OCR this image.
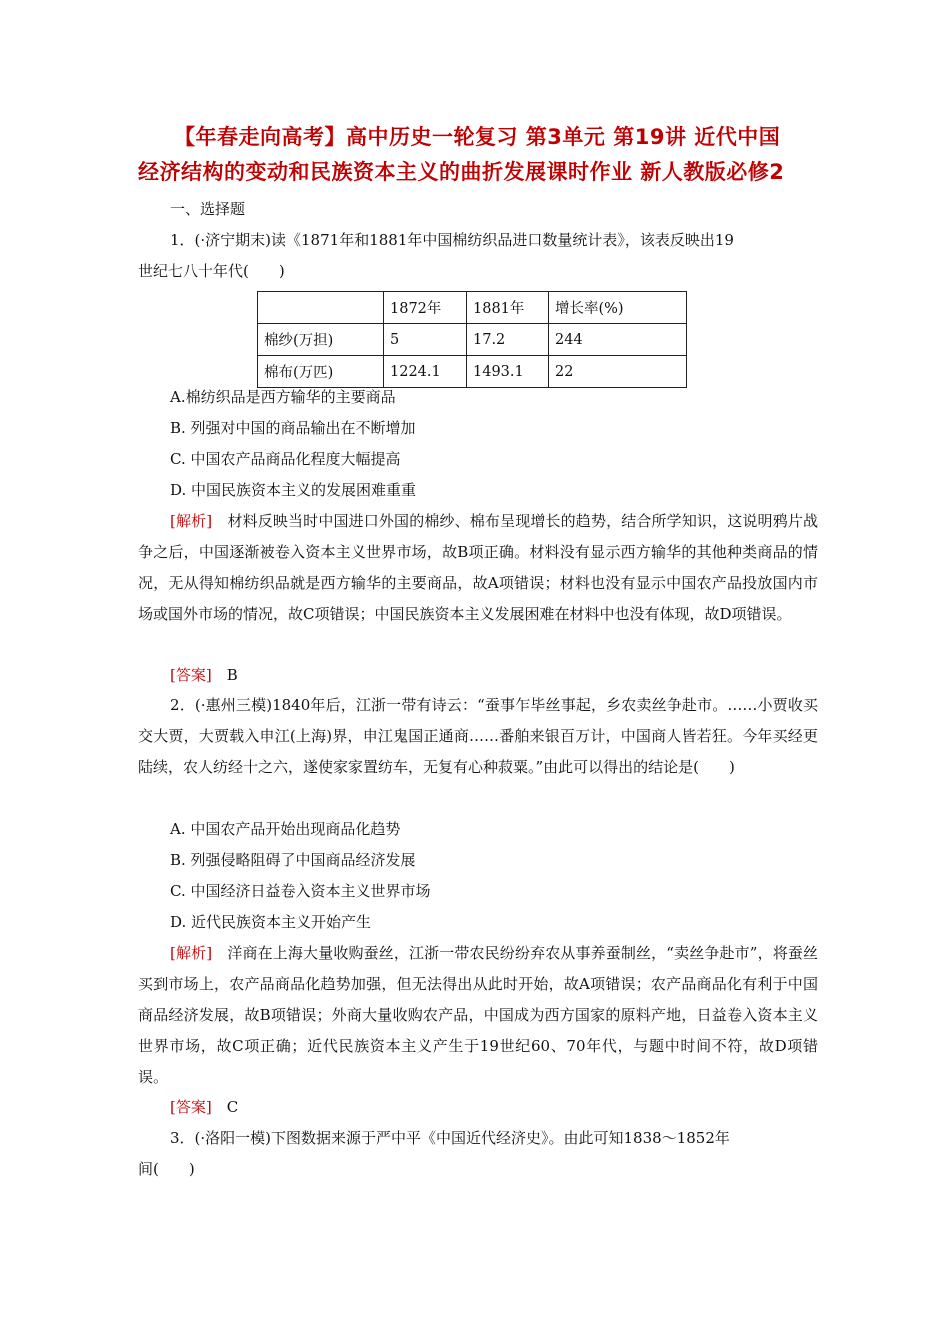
【年春走向高考】高中历史一轮复习 第3单元 第19讲 近代中国
经济结构的变动和民族资本主义的曲折发展课时作业 新人教版必修2
一、选择题
1．(·济宁期末)读《1871年和1881年中国棉纺织品进口数量统计表》，该表反映出19
世纪七八十年代(　　)
	1872年	1881年	增长率(%)
棉纱(万担)	5	17.2	244
棉布(万匹)	1224.1	1493.1	22
A.棉纺织品是西方输华的主要商品
B. 列强对中国的商品输出在不断增加
C. 中国农产品商品化程度大幅提高
D. 中国民族资本主义的发展困难重重
[解析]　材料反映当时中国进口外国的棉纱、棉布呈现增长的趋势，结合所学知识，这说明鸦片战争之后，中国逐渐被卷入资本主义世界市场，故B项正确。材料没有显示西方输华的其他种类商品的情况，无从得知棉纺织品就是西方输华的主要商品，故A项错误；材料也没有显示中国农产品投放国内市场或国外市场的情况，故C项错误；中国民族资本主义发展困难在材料中也没有体现，故D项错误。
[答案]　B
2．(·惠州三模)1840年后，江浙一带有诗云：“蚕事乍毕丝事起，乡农卖丝争赴市。……小贾收买交大贾，大贾载入申江(上海)界，申江鬼国正通商……番舶来银百万计，中国商人皆若狂。今年买经更陆续，农人纺经十之六，遂使家家置纺车，无复有心种菽粟。”由此可以得出的结论是(　　)
A. 中国农产品开始出现商品化趋势
B. 列强侵略阻碍了中国商品经济发展
C. 中国经济日益卷入资本主义世界市场
D. 近代民族资本主义开始产生
[解析]　洋商在上海大量收购蚕丝，江浙一带农民纷纷弃农从事养蚕制丝，“卖丝争赴市”，将蚕丝买到市场上，农产品商品化趋势加强，但无法得出从此时开始，故A项错误；农产品商品化有利于中国商品经济发展，故B项错误；外商大量收购农产品，中国成为西方国家的原料产地，日益卷入资本主义世界市场，故C项正确；近代民族资本主义产生于19世纪60、70年代，与题中时间不符，故D项错误。
[答案]　C
3．(·洛阳一模)下图数据来源于严中平《中国近代经济史》。由此可知1838～1852年
间(　　)
